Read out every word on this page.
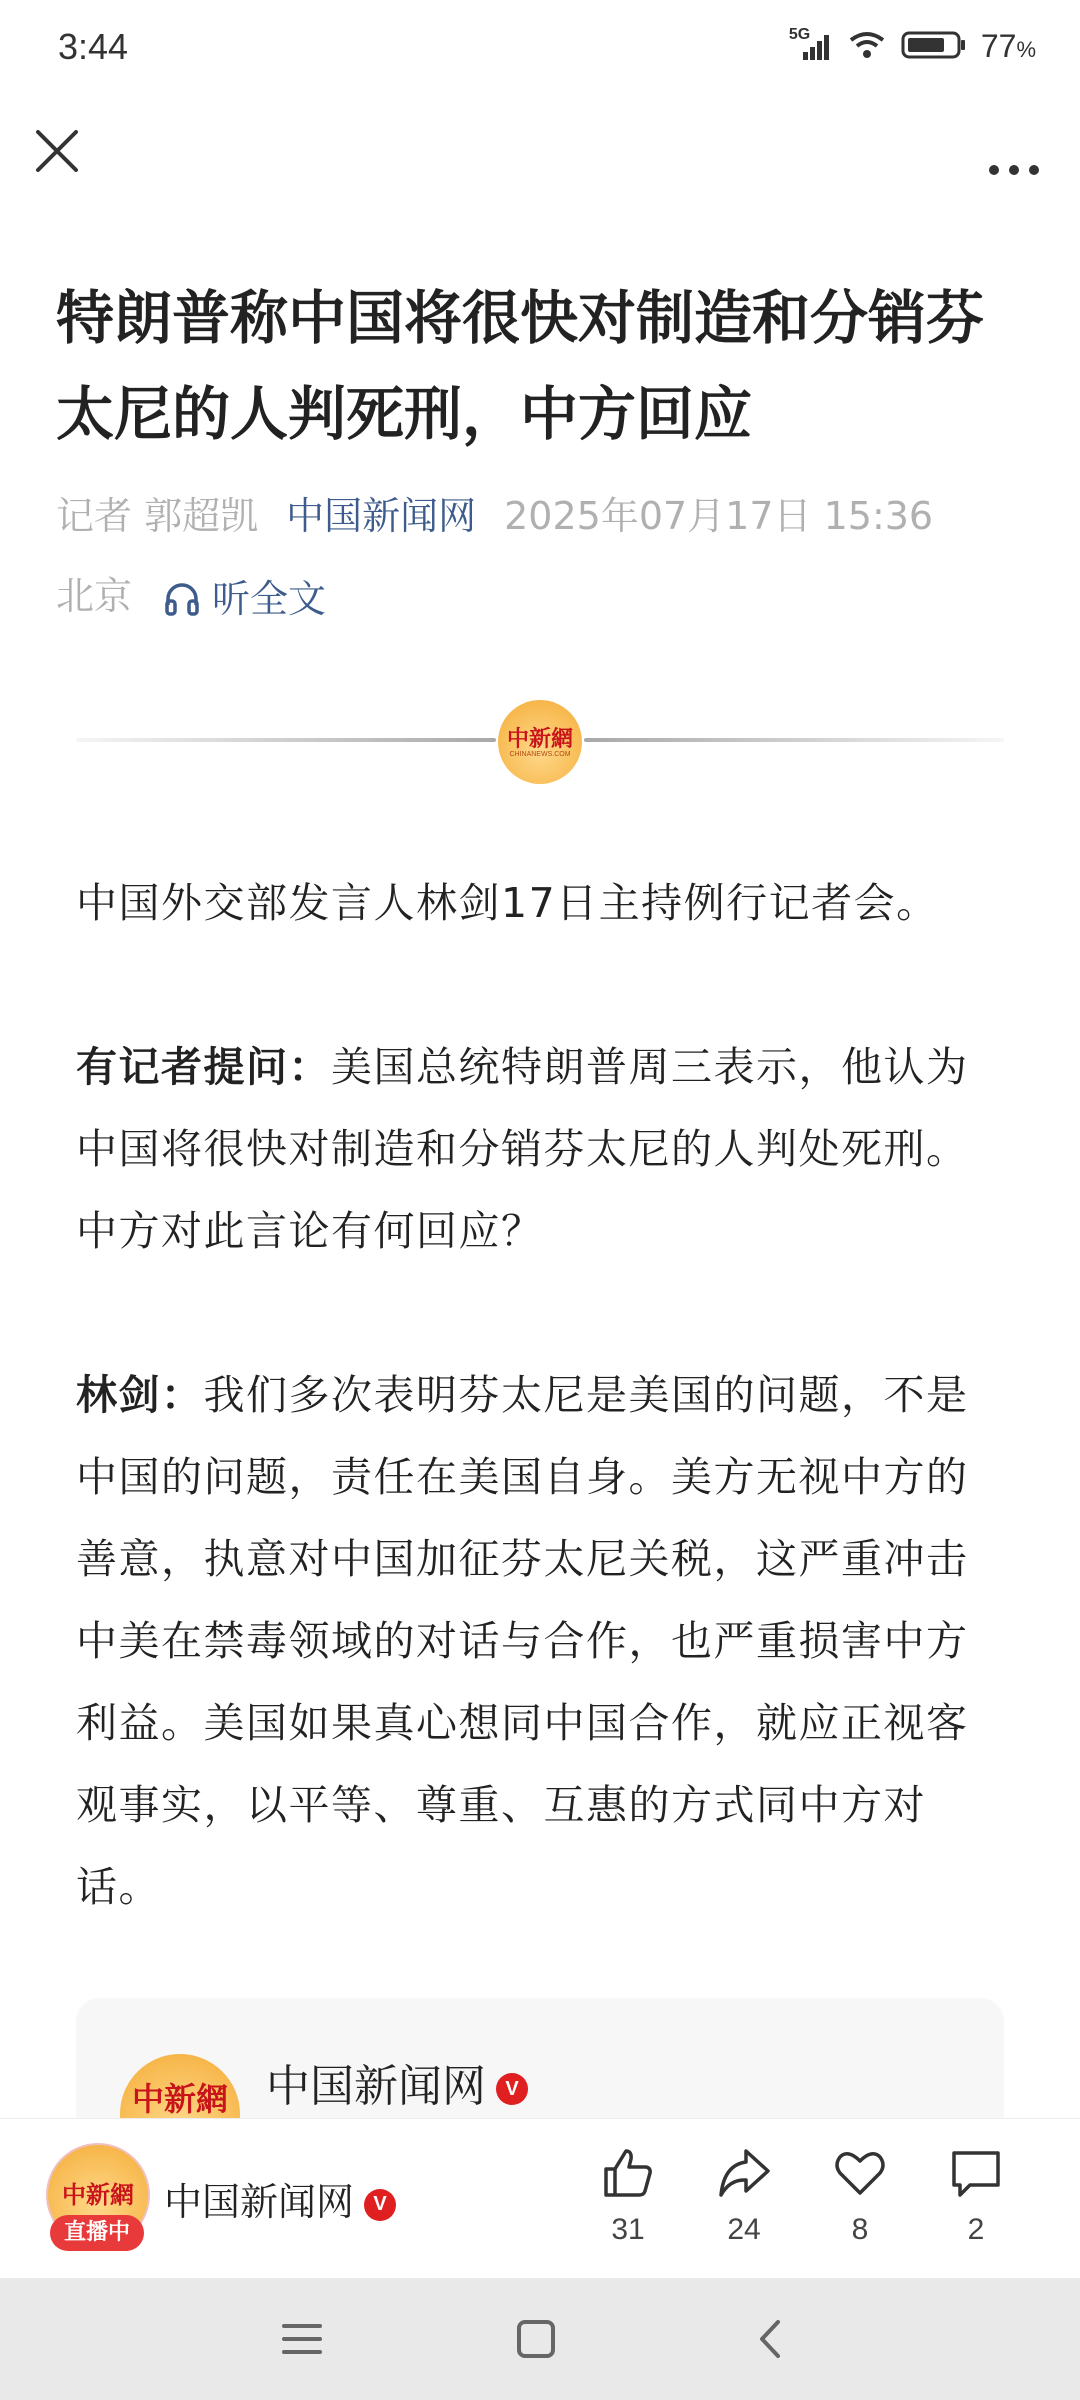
3:44	5G	77%
特朗普称中国将很快对制造和分销芬太尼的人判死刑，中方回应
记者 郭超凯 中国新闻网 2025年07月17日 15:36
北京 听全文
中新網
CHINANEWS.COM

中国外交部发言人林剑17日主持例行记者会。

有记者提问：美国总统特朗普周三表示，他认为中国将很快对制造和分销芬太尼的人判处死刑。中方对此言论有何回应？

林剑：我们多次表明芬太尼是美国的问题，不是中国的问题，责任在美国自身。美方无视中方的善意，执意对中国加征芬太尼关税，这严重冲击中美在禁毒领域的对话与合作，也严重损害中方利益。美国如果真心想同中国合作，就应正视客观事实，以平等、尊重、互惠的方式同中方对话。

中新網 中国新闻网 V
中新網
直播中
中国新闻网 V
31	24	8	2
